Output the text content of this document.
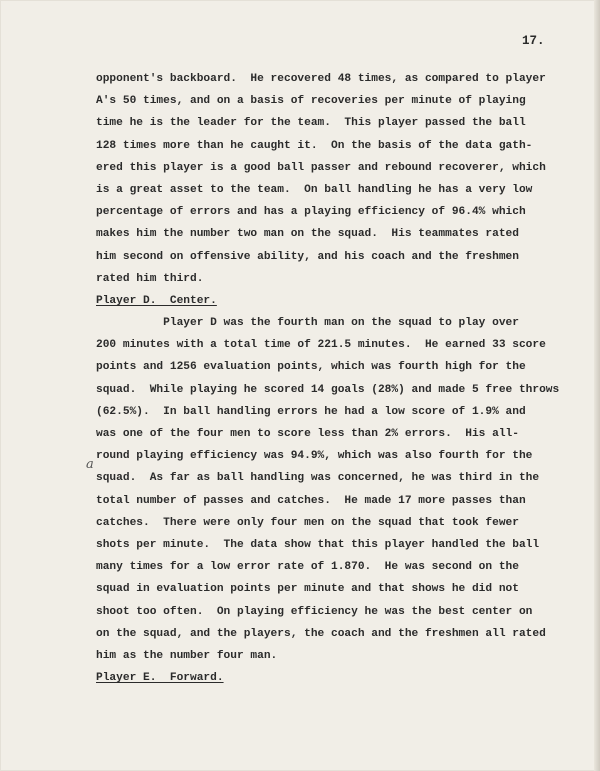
17.
a

opponent's backboard.  He recovered 48 times, as compared to player

A's 50 times, and on a basis of recoveries per minute of playing

time he is the leader for the team.  This player passed the ball

128 times more than he caught it.  On the basis of the data gath-

ered this player is a good ball passer and rebound recoverer, which

is a great asset to the team.  On ball handling he has a very low

percentage of errors and has a playing efficiency of 96.4% which

makes him the number two man on the squad.  His teammates rated

him second on offensive ability, and his coach and the freshmen

rated him third.

Player D.  Center.

Player D was the fourth man on the squad to play over

200 minutes with a total time of 221.5 minutes.  He earned 33 score

points and 1256 evaluation points, which was fourth high for the

squad.  While playing he scored 14 goals (28%) and made 5 free throws

(62.5%).  In ball handling errors he had a low score of 1.9% and

was one of the four men to score less than 2% errors.  His all-

round playing efficiency was 94.9%, which was also fourth for the

squad.  As far as ball handling was concerned, he was third in the

total number of passes and catches.  He made 17 more passes than

catches.  There were only four men on the squad that took fewer

shots per minute.  The data show that this player handled the ball

many times for a low error rate of 1.870.  He was second on the

squad in evaluation points per minute and that shows he did not

shoot too often.  On playing efficiency he was the best center on

on the squad, and the players, the coach and the freshmen all rated

him as the number four man.

Player E.  Forward.
